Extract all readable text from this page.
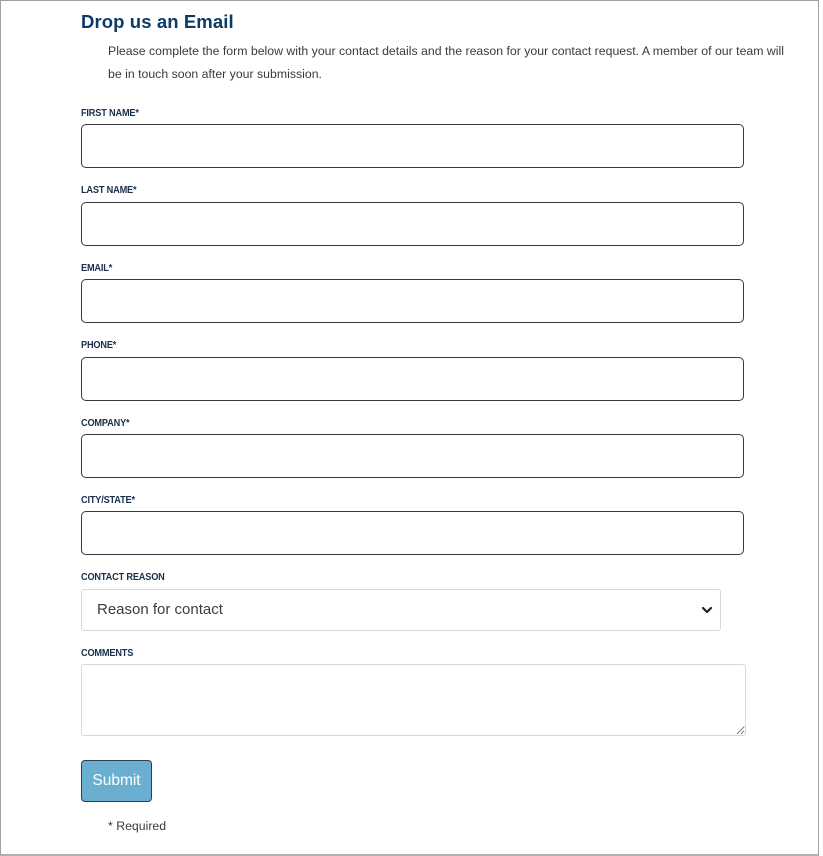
Drop us an Email

Please complete the form below with your contact details and the reason for your contact request. A member of our team will be in touch soon after your submission.

FIRST NAME*
LAST NAME*
EMAIL*
PHONE*
COMPANY*
CITY/STATE*
CONTACT REASON
Reason for contact
COMMENTS
Submit
* Required
